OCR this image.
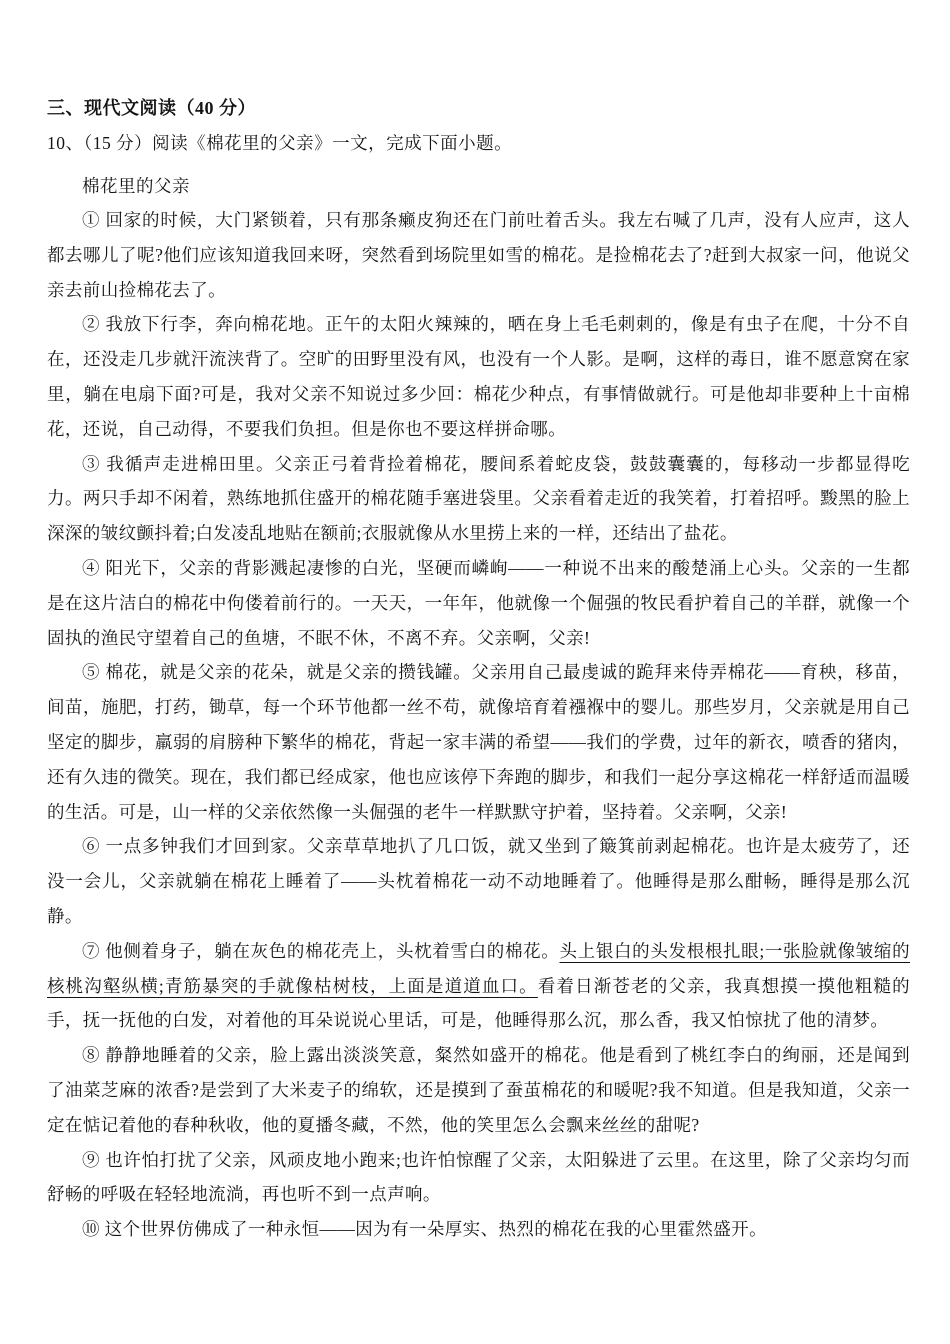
三、现代文阅读（40 分）

10、（15 分）阅读《棉花里的父亲》一文，完成下面小题。

棉花里的父亲

① 回家的时候，大门紧锁着，只有那条癞皮狗还在门前吐着舌头。我左右喊了几声，没有人应声，这人都去哪儿了呢?他们应该知道我回来呀，突然看到场院里如雪的棉花。是捡棉花去了?赶到大叔家一问，他说父亲去前山捡棉花去了。

② 我放下行李，奔向棉花地。正午的太阳火辣辣的，晒在身上毛毛刺刺的，像是有虫子在爬，十分不自在，还没走几步就汗流浃背了。空旷的田野里没有风，也没有一个人影。是啊，这样的毒日，谁不愿意窝在家里，躺在电扇下面?可是，我对父亲不知说过多少回：棉花少种点，有事情做就行。可是他却非要种上十亩棉花，还说，自己动得，不要我们负担。但是你也不要这样拼命哪。

③ 我循声走进棉田里。父亲正弓着背捡着棉花，腰间系着蛇皮袋，鼓鼓囊囊的，每移动一步都显得吃力。两只手却不闲着，熟练地抓住盛开的棉花随手塞进袋里。父亲看着走近的我笑着，打着招呼。黢黑的脸上深深的皱纹颤抖着;白发凌乱地贴在额前;衣服就像从水里捞上来的一样，还结出了盐花。

④ 阳光下，父亲的背影溅起凄惨的白光，坚硬而嶙峋——一种说不出来的酸楚涌上心头。父亲的一生都是在这片洁白的棉花中佝偻着前行的。一天天，一年年，他就像一个倔强的牧民看护着自己的羊群，就像一个固执的渔民守望着自己的鱼塘，不眠不休，不离不弃。父亲啊，父亲!

⑤ 棉花，就是父亲的花朵，就是父亲的攒钱罐。父亲用自己最虔诚的跪拜来侍弄棉花——育秧，移苗，间苗，施肥，打药，锄草，每一个环节他都一丝不苟，就像培育着襁褓中的婴儿。那些岁月，父亲就是用自己坚定的脚步，羸弱的肩膀种下繁华的棉花，背起一家丰满的希望——我们的学费，过年的新衣，喷香的猪肉，还有久违的微笑。现在，我们都已经成家，他也应该停下奔跑的脚步，和我们一起分享这棉花一样舒适而温暖的生活。可是，山一样的父亲依然像一头倔强的老牛一样默默守护着，坚持着。父亲啊，父亲!

⑥ 一点多钟我们才回到家。父亲草草地扒了几口饭，就又坐到了簸箕前剥起棉花。也许是太疲劳了，还没一会儿，父亲就躺在棉花上睡着了——头枕着棉花一动不动地睡着了。他睡得是那么酣畅，睡得是那么沉静。

⑦ 他侧着身子，躺在灰色的棉花壳上，头枕着雪白的棉花。头上银白的头发根根扎眼;一张脸就像皱缩的核桃沟壑纵横;青筋暴突的手就像枯树枝，上面是道道血口。看着日渐苍老的父亲，我真想摸一摸他粗糙的手，抚一抚他的白发，对着他的耳朵说说心里话，可是，他睡得那么沉，那么香，我又怕惊扰了他的清梦。

⑧ 静静地睡着的父亲，脸上露出淡淡笑意，粲然如盛开的棉花。他是看到了桃红李白的绚丽，还是闻到了油菜芝麻的浓香?是尝到了大米麦子的绵软，还是摸到了蚕茧棉花的和暖呢?我不知道。但是我知道，父亲一定在惦记着他的春种秋收，他的夏播冬藏，不然，他的笑里怎么会飘来丝丝的甜呢?

⑨ 也许怕打扰了父亲，风顽皮地小跑来;也许怕惊醒了父亲，太阳躲进了云里。在这里，除了父亲均匀而舒畅的呼吸在轻轻地流淌，再也听不到一点声响。

⑩ 这个世界仿佛成了一种永恒——因为有一朵厚实、热烈的棉花在我的心里霍然盛开。
